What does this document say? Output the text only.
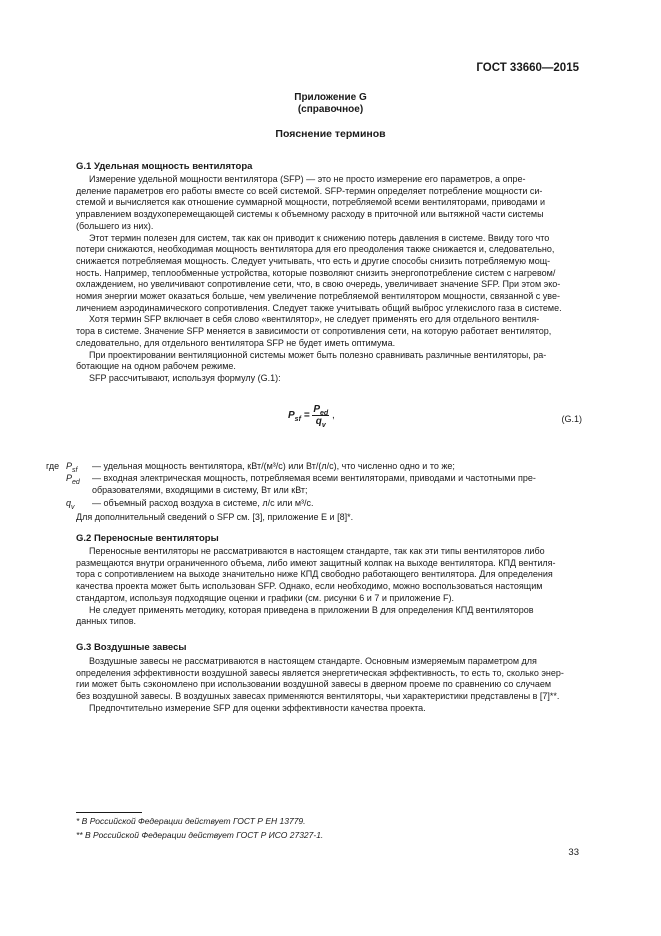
ГОСТ 33660—2015
Приложение G
(справочное)
Пояснение терминов
G.1 Удельная мощность вентилятора
Измерение удельной мощности вентилятора (SFP) — это не просто измерение его параметров, а опре-
деление параметров его работы вместе со всей системой. SFP-термин определяет потребление мощности си-
стемой и вычисляется как отношение суммарной мощности, потребляемой всеми вентиляторами, приводами и
управлением воздухоперемещающей системы к объемному расходу в приточной или вытяжной части системы
(большего из них).
Этот термин полезен для систем, так как он приводит к снижению потерь давления в системе. Ввиду того что
потери снижаются, необходимая мощность вентилятора для его преодоления также снижается и, следовательно,
снижается потребляемая мощность. Следует учитывать, что есть и другие способы снизить потребляемую мощ-
ность. Например, теплообменные устройства, которые позволяют снизить энергопотребление систем с нагревом/
охлаждением, но увеличивают сопротивление сети, что, в свою очередь, увеличивает значение SFP. При этом эко-
номия энергии может оказаться больше, чем увеличение потребляемой вентилятором мощности, связанной с уве-
личением аэродинамического сопротивления. Следует также учитывать общий выброс углекислого газа в системе.
Хотя термин SFP включает в себя слово «вентилятор», не следует применять его для отдельного вентиля-
тора в системе. Значение SFP меняется в зависимости от сопротивления сети, на которую работает вентилятор,
следовательно, для отдельного вентилятора SFP не будет иметь оптимума.
При проектировании вентиляционной системы может быть полезно сравнивать различные вентиляторы, ра-
ботающие на одном рабочем режиме.
SFP рассчитывают, используя формулу (G.1):
$P_{sf} = \frac{P_{ed}}{q_v}$ ,	(G.1)
где $P_{sf}$ — удельная мощность вентилятора, кВт/(м³/с) или Вт/(л/с), что численно одно и то же;
$P_{ed}$ — входная электрическая мощность, потребляемая всеми вентиляторами, приводами и частотными пре-
образователями, входящими в систему, Вт или кВт;
$q_v$ — объемный расход воздуха в системе, л/с или м³/с.
Для дополнительный сведений о SFP см. [3], приложение E и [8]*.
G.2 Переносные вентиляторы
Переносные вентиляторы не рассматриваются в настоящем стандарте, так как эти типы вентиляторов либо
размещаются внутри ограниченного объема, либо имеют защитный колпак на выходе вентилятора. КПД вентиля-
тора с сопротивлением на выходе значительно ниже КПД свободно работающего вентилятора. Для определения
качества проекта может быть использован SFP. Однако, если необходимо, можно воспользоваться настоящим
стандартом, используя подходящие оценки и графики (см. рисунки 6 и 7 и приложение F).
Не следует применять методику, которая приведена в приложении B для определения КПД вентиляторов
данных типов.
G.3 Воздушные завесы
Воздушные завесы не рассматриваются в настоящем стандарте. Основным измеряемым параметром для
определения эффективности воздушной завесы является энергетическая эффективность, то есть то, сколько энер-
гии может быть сэкономлено при использовании воздушной завесы в дверном проеме по сравнению со случаем
без воздушной завесы. В воздушных завесах применяются вентиляторы, чьи характеристики представлены в [7]**.
Предпочтительно измерение SFP для оценки эффективности качества проекта.
* В Российской Федерации действует ГОСТ Р ЕН 13779.
** В Российской Федерации действует ГОСТ Р ИСО 27327-1.
33
